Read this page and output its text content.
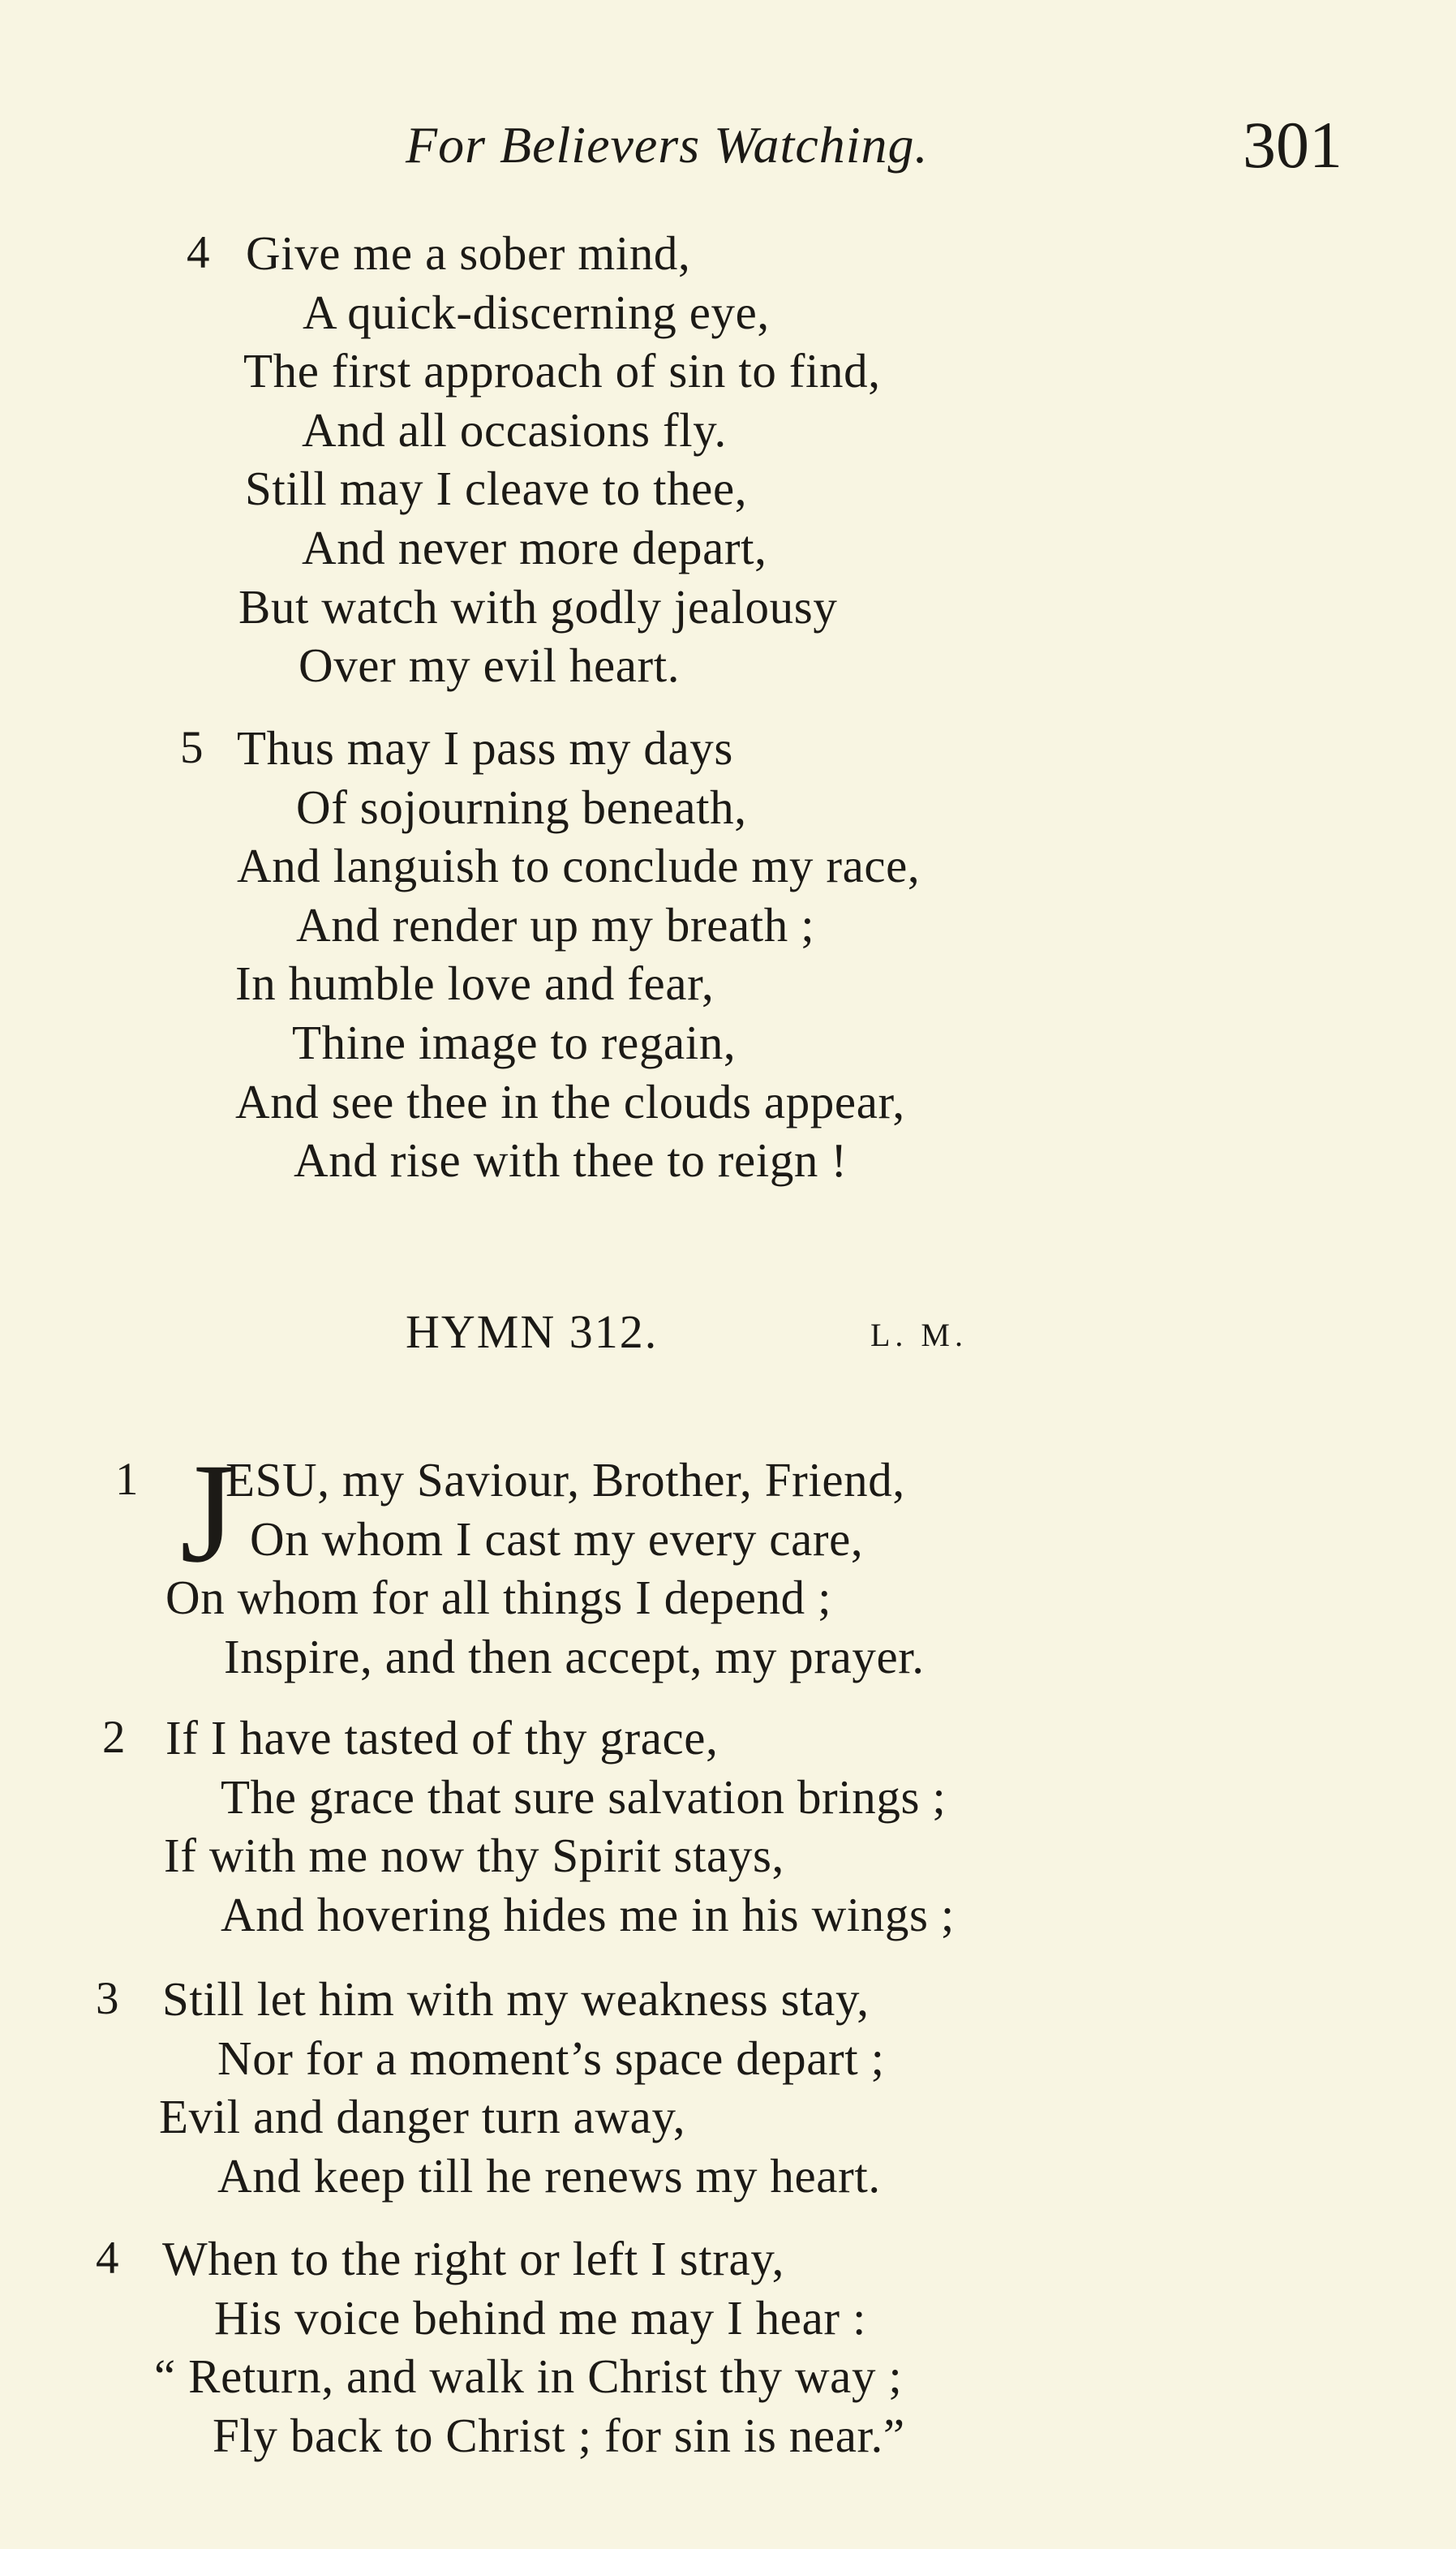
For Believers Watching.	301
4 Give me a sober mind,
A quick-discerning eye,
The first approach of sin to find,
And all occasions fly.
Still may I cleave to thee,
And never more depart,
But watch with godly jealousy
Over my evil heart.
5 Thus may I pass my days
Of sojourning beneath,
And languish to conclude my race,
And render up my breath ;
In humble love and fear,
Thine image to regain,
And see thee in the clouds appear,
And rise with thee to reign !
HYMN 312.	L. M.
J
1 ESU, my Saviour, Brother, Friend,
On whom I cast my every care,
On whom for all things I depend ;
Inspire, and then accept, my prayer.
2 If I have tasted of thy grace,
The grace that sure salvation brings ;
If with me now thy Spirit stays,
And hovering hides me in his wings ;
3 Still let him with my weakness stay,
Nor for a moment’s space depart ;
Evil and danger turn away,
And keep till he renews my heart.
4 When to the right or left I stray,
His voice behind me may I hear :
“ Return, and walk in Christ thy way ;
Fly back to Christ ; for sin is near.”
